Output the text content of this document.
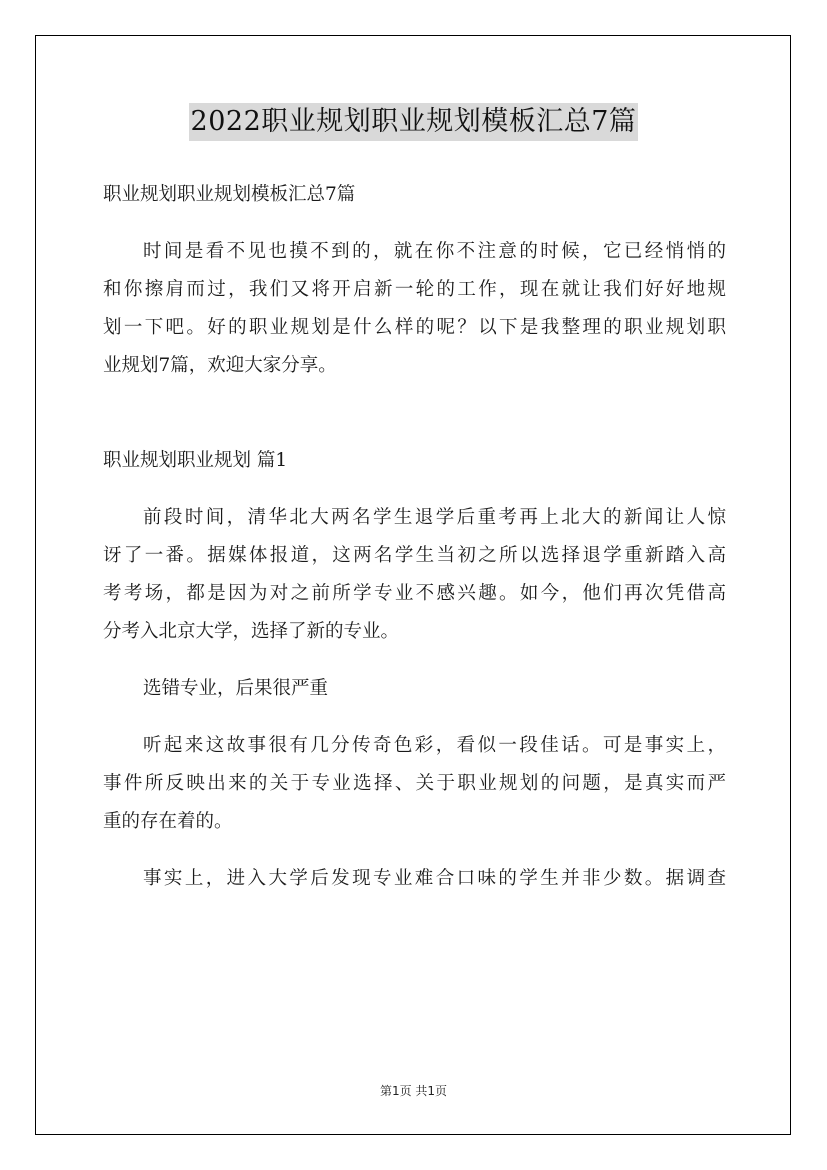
2022职业规划职业规划模板汇总7篇
职业规划职业规划模板汇总7篇
时间是看不见也摸不到的，就在你不注意的时候，它已经悄悄的
和你擦肩而过，我们又将开启新一轮的工作，现在就让我们好好地规
划一下吧。好的职业规划是什么样的呢？以下是我整理的职业规划职
业规划7篇，欢迎大家分享。
职业规划职业规划 篇1
前段时间，清华北大两名学生退学后重考再上北大的新闻让人惊
讶了一番。据媒体报道，这两名学生当初之所以选择退学重新踏入高
考考场，都是因为对之前所学专业不感兴趣。如今，他们再次凭借高
分考入北京大学，选择了新的专业。
选错专业，后果很严重
听起来这故事很有几分传奇色彩，看似一段佳话。可是事实上，
事件所反映出来的关于专业选择、关于职业规划的问题，是真实而严
重的存在着的。
事实上，进入大学后发现专业难合口味的学生并非少数。据调查
第1页 共1页
